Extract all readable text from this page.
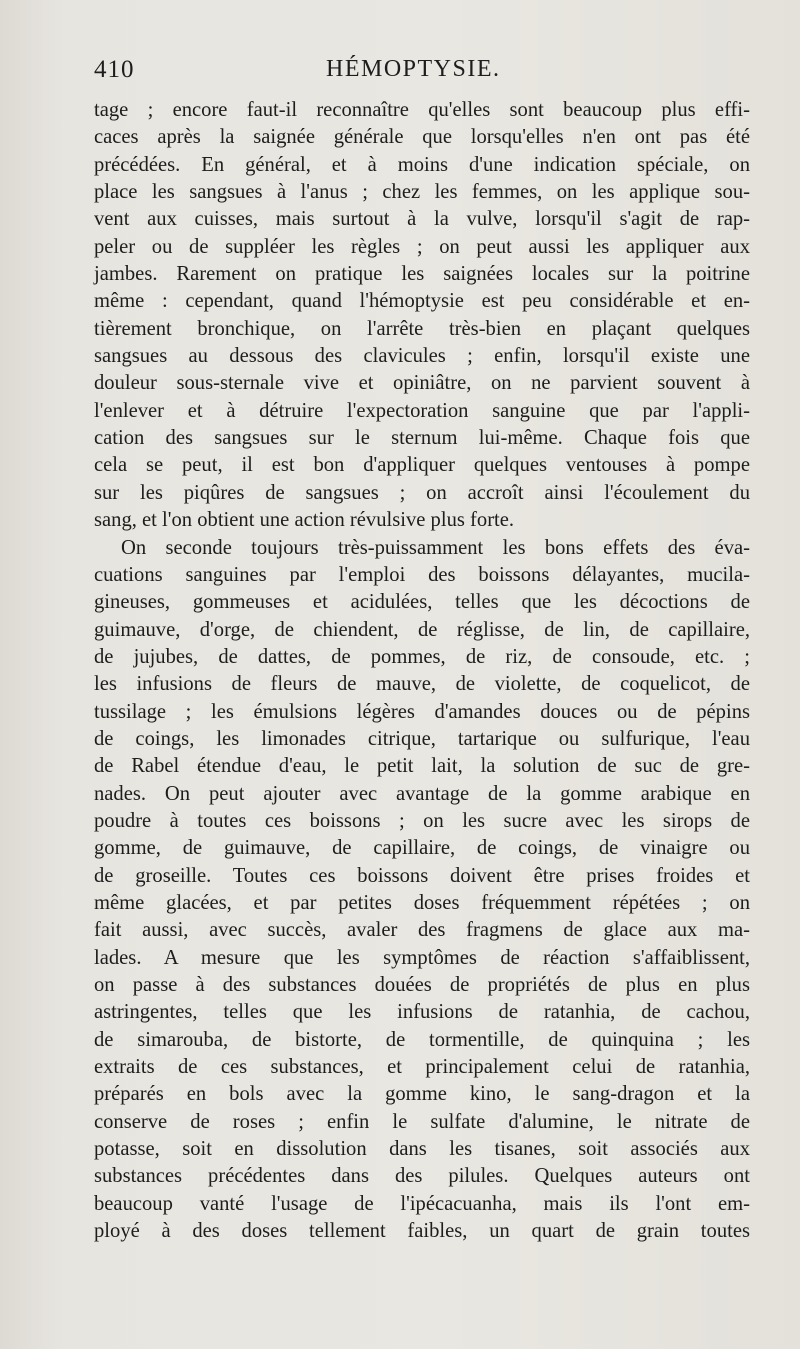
410	HÉMOPTYSIE.
tage ; encore faut-il reconnaître qu'elles sont beaucoup plus effi-
caces après la saignée générale que lorsqu'elles n'en ont pas été
précédées. En général, et à moins d'une indication spéciale, on
place les sangsues à l'anus ; chez les femmes, on les applique sou-
vent aux cuisses, mais surtout à la vulve, lorsqu'il s'agit de rap-
peler ou de suppléer les règles ; on peut aussi les appliquer aux
jambes. Rarement on pratique les saignées locales sur la poitrine
même : cependant, quand l'hémoptysie est peu considérable et en-
tièrement bronchique, on l'arrête très-bien en plaçant quelques
sangsues au dessous des clavicules ; enfin, lorsqu'il existe une
douleur sous-sternale vive et opiniâtre, on ne parvient souvent à
l'enlever et à détruire l'expectoration sanguine que par l'appli-
cation des sangsues sur le sternum lui-même. Chaque fois que
cela se peut, il est bon d'appliquer quelques ventouses à pompe
sur les piqûres de sangsues ; on accroît ainsi l'écoulement du
sang, et l'on obtient une action révulsive plus forte.
On seconde toujours très-puissamment les bons effets des éva-
cuations sanguines par l'emploi des boissons délayantes, mucila-
gineuses, gommeuses et acidulées, telles que les décoctions de
guimauve, d'orge, de chiendent, de réglisse, de lin, de capillaire,
de jujubes, de dattes, de pommes, de riz, de consoude, etc. ;
les infusions de fleurs de mauve, de violette, de coquelicot, de
tussilage ; les émulsions légères d'amandes douces ou de pépins
de coings, les limonades citrique, tartarique ou sulfurique, l'eau
de Rabel étendue d'eau, le petit lait, la solution de suc de gre-
nades. On peut ajouter avec avantage de la gomme arabique en
poudre à toutes ces boissons ; on les sucre avec les sirops de
gomme, de guimauve, de capillaire, de coings, de vinaigre ou
de groseille. Toutes ces boissons doivent être prises froides et
même glacées, et par petites doses fréquemment répétées ; on
fait aussi, avec succès, avaler des fragmens de glace aux ma-
lades. A mesure que les symptômes de réaction s'affaiblissent,
on passe à des substances douées de propriétés de plus en plus
astringentes, telles que les infusions de ratanhia, de cachou,
de simarouba, de bistorte, de tormentille, de quinquina ; les
extraits de ces substances, et principalement celui de ratanhia,
préparés en bols avec la gomme kino, le sang-dragon et la
conserve de roses ; enfin le sulfate d'alumine, le nitrate de
potasse, soit en dissolution dans les tisanes, soit associés aux
substances précédentes dans des pilules. Quelques auteurs ont
beaucoup vanté l'usage de l'ipécacuanha, mais ils l'ont em-
ployé à des doses tellement faibles, un quart de grain toutes
